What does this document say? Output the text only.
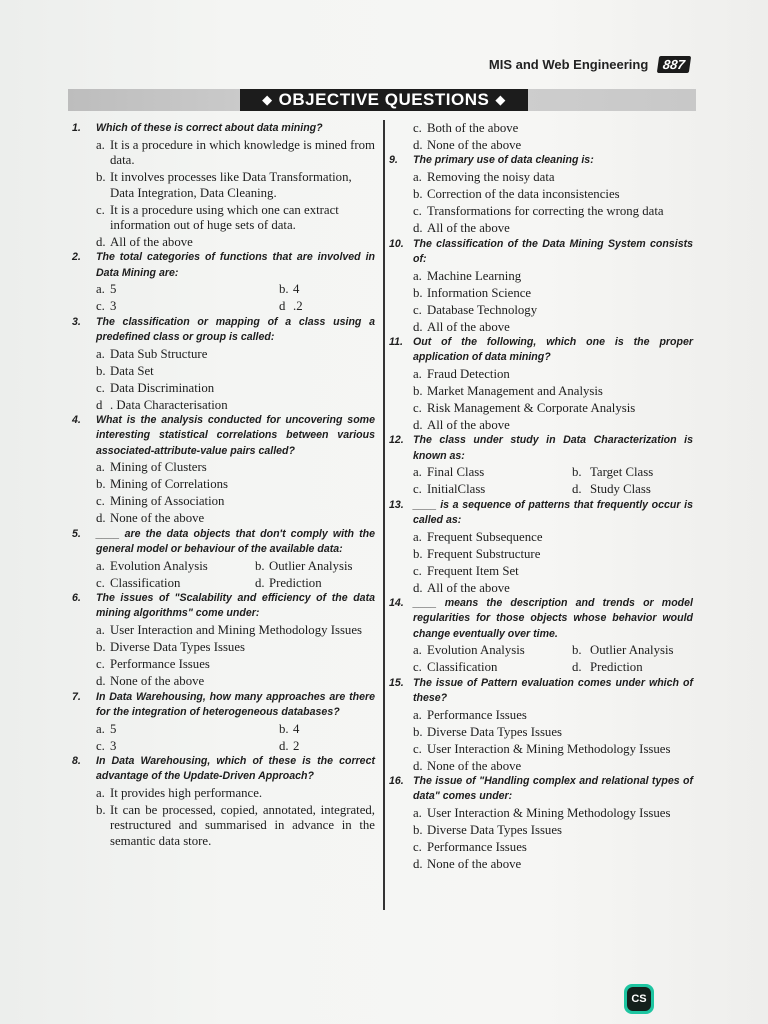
MIS and Web Engineering	887
◆ OBJECTIVE QUESTIONS ◆
1. Which of these is correct about data mining?
a. It is a procedure in which knowledge is mined from data.
b. It involves processes like Data Transformation, Data Integration, Data Cleaning.
c. It is a procedure using which one can extract information out of huge sets of data.
d. All of the above
2. The total categories of functions that are involved in Data Mining are:
a. 5	b. 4
c. 3	d .2
3. The classification or mapping of a class using a predefined class or group is called:
a. Data Sub Structure
b. Data Set
c. Data Discrimination
d . Data Characterisation
4. What is the analysis conducted for uncovering some interesting statistical correlations between various associated-attribute-value pairs called?
a. Mining of Clusters
b. Mining of Correlations
c. Mining of Association
d. None of the above
5. ____ are the data objects that don't comply with the general model or behaviour of the available data:
a. Evolution Analysis	b. Outlier Analysis
c. Classification	d. Prediction
6. The issues of "Scalability and efficiency of the data mining algorithms" come under:
a. User Interaction and Mining Methodology Issues
b. Diverse Data Types Issues
c. Performance Issues
d. None of the above
7. In Data Warehousing, how many approaches are there for the integration of heterogeneous databases?
a. 5	b. 4
c. 3	d. 2
8. In Data Warehousing, which of these is the correct advantage of the Update-Driven Approach?
a. It provides high performance.
b. It can be processed, copied, annotated, integrated, restructured and summarised in advance in the semantic data store.
c. Both of the above
d. None of the above
9. The primary use of data cleaning is:
a. Removing the noisy data
b. Correction of the data inconsistencies
c. Transformations for correcting the wrong data
d. All of the above
10. The classification of the Data Mining System consists of:
a. Machine Learning
b. Information Science
c. Database Technology
d. All of the above
11. Out of the following, which one is the proper application of data mining?
a. Fraud Detection
b. Market Management and Analysis
c. Risk Management & Corporate Analysis
d. All of the above
12. The class under study in Data Characterization is known as:
a. Final Class	b. Target Class
c. InitialClass	d. Study Class
13. ____ is a sequence of patterns that frequently occur is called as:
a. Frequent Subsequence
b. Frequent Substructure
c. Frequent Item Set
d. All of the above
14. ____ means the description and trends or model regularities for those objects whose behavior would change eventually over time.
a. Evolution Analysis	b. Outlier Analysis
c. Classification	d. Prediction
15. The issue of Pattern evaluation comes under which of these?
a. Performance Issues
b. Diverse Data Types Issues
c. User Interaction & Mining Methodology Issues
d. None of the above
16. The issue of "Handling complex and relational types of data" comes under:
a. User Interaction & Mining Methodology Issues
b. Diverse Data Types Issues
c. Performance Issues
d. None of the above
CS
